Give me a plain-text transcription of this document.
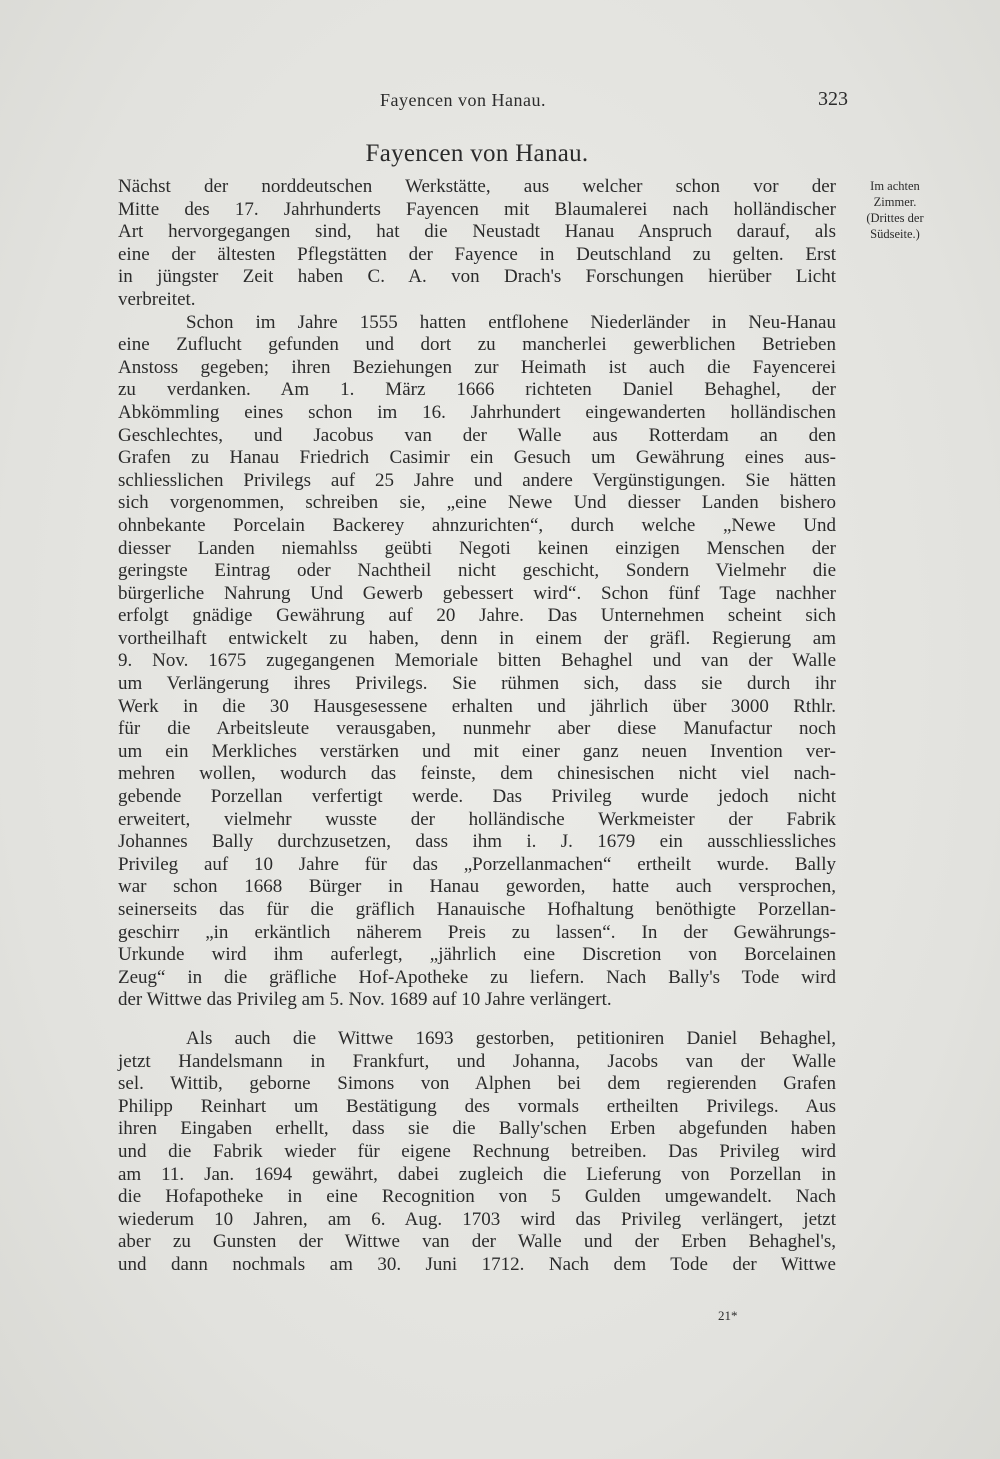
Fayencen von Hanau.	323
Fayencen von Hanau.
Im achten
Zimmer.
(Drittes der
Südseite.)
Nächst der norddeutschen Werkstätte, aus welcher schon vor der
Mitte des 17. Jahrhunderts Fayencen mit Blaumalerei nach holländischer
Art hervorgegangen sind, hat die Neustadt Hanau Anspruch darauf, als
eine der ältesten Pflegstätten der Fayence in Deutschland zu gelten. Erst
in jüngster Zeit haben C. A. von Drach's Forschungen hierüber Licht
verbreitet.
Schon im Jahre 1555 hatten entflohene Niederländer in Neu-Hanau
eine Zuflucht gefunden und dort zu mancherlei gewerblichen Betrieben
Anstoss gegeben; ihren Beziehungen zur Heimath ist auch die Fayencerei
zu verdanken. Am 1. März 1666 richteten Daniel Behaghel, der
Abkömmling eines schon im 16. Jahrhundert eingewanderten holländischen
Geschlechtes, und Jacobus van der Walle aus Rotterdam an den
Grafen zu Hanau Friedrich Casimir ein Gesuch um Gewährung eines aus-
schliesslichen Privilegs auf 25 Jahre und andere Vergünstigungen. Sie hätten
sich vorgenommen, schreiben sie, „eine Newe Und diesser Landen bishero
ohnbekante Porcelain Backerey ahnzurichten“, durch welche „Newe Und
diesser Landen niemahlss geübti Negoti keinen einzigen Menschen der
geringste Eintrag oder Nachtheil nicht geschicht, Sondern Vielmehr die
bürgerliche Nahrung Und Gewerb gebessert wird“. Schon fünf Tage nachher
erfolgt gnädige Gewährung auf 20 Jahre. Das Unternehmen scheint sich
vortheilhaft entwickelt zu haben, denn in einem der gräfl. Regierung am
9. Nov. 1675 zugegangenen Memoriale bitten Behaghel und van der Walle
um Verlängerung ihres Privilegs. Sie rühmen sich, dass sie durch ihr
Werk in die 30 Hausgesessene erhalten und jährlich über 3000 Rthlr.
für die Arbeitsleute verausgaben, nunmehr aber diese Manufactur noch
um ein Merkliches verstärken und mit einer ganz neuen Invention ver-
mehren wollen, wodurch das feinste, dem chinesischen nicht viel nach-
gebende Porzellan verfertigt werde. Das Privileg wurde jedoch nicht
erweitert, vielmehr wusste der holländische Werkmeister der Fabrik
Johannes Bally durchzusetzen, dass ihm i. J. 1679 ein ausschliessliches
Privileg auf 10 Jahre für das „Porzellanmachen“ ertheilt wurde. Bally
war schon 1668 Bürger in Hanau geworden, hatte auch versprochen,
seinerseits das für die gräflich Hanauische Hofhaltung benöthigte Porzellan-
geschirr „in erkäntlich näherem Preis zu lassen“. In der Gewährungs-
Urkunde wird ihm auferlegt, „jährlich eine Discretion von Borcelainen
Zeug“ in die gräfliche Hof-Apotheke zu liefern. Nach Bally's Tode wird
der Wittwe das Privileg am 5. Nov. 1689 auf 10 Jahre verlängert.
Als auch die Wittwe 1693 gestorben, petitioniren Daniel Behaghel,
jetzt Handelsmann in Frankfurt, und Johanna, Jacobs van der Walle
sel. Wittib, geborne Simons von Alphen bei dem regierenden Grafen
Philipp Reinhart um Bestätigung des vormals ertheilten Privilegs. Aus
ihren Eingaben erhellt, dass sie die Bally'schen Erben abgefunden haben
und die Fabrik wieder für eigene Rechnung betreiben. Das Privileg wird
am 11. Jan. 1694 gewährt, dabei zugleich die Lieferung von Porzellan in
die Hofapotheke in eine Recognition von 5 Gulden umgewandelt. Nach
wiederum 10 Jahren, am 6. Aug. 1703 wird das Privileg verlängert, jetzt
aber zu Gunsten der Wittwe van der Walle und der Erben Behaghel's,
und dann nochmals am 30. Juni 1712. Nach dem Tode der Wittwe
21*
